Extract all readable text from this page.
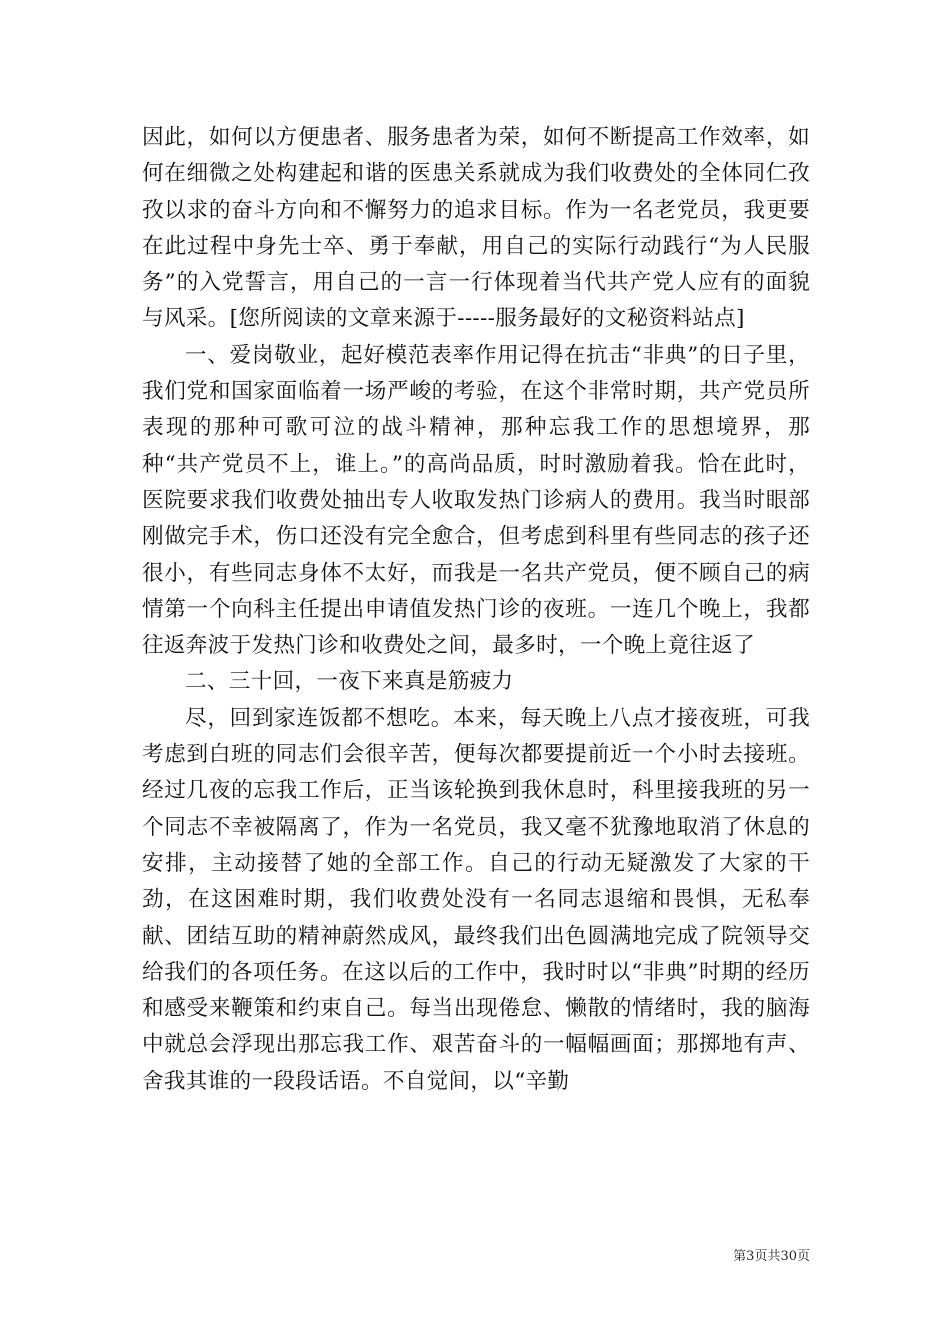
因此，如何以方便患者、服务患者为荣，如何不断提高工作效率，如何在细微之处构建起和谐的医患关系就成为我们收费处的全体同仁孜孜以求的奋斗方向和不懈努力的追求目标。作为一名老党员，我更要在此过程中身先士卒、勇于奉献，用自己的实际行动践行“为人民服务”的入党誓言，用自己的一言一行体现着当代共产党人应有的面貌与风采。[您所阅读的文章来源于-----服务最好的文秘资料站点]

一、爱岗敬业，起好模范表率作用记得在抗击“非典”的日子里，我们党和国家面临着一场严峻的考验，在这个非常时期，共产党员所表现的那种可歌可泣的战斗精神，那种忘我工作的思想境界，那种“共产党员不上，谁上。”的高尚品质，时时激励着我。恰在此时，医院要求我们收费处抽出专人收取发热门诊病人的费用。我当时眼部刚做完手术，伤口还没有完全愈合，但考虑到科里有些同志的孩子还很小，有些同志身体不太好，而我是一名共产党员，便不顾自己的病情第一个向科主任提出申请值发热门诊的夜班。一连几个晚上，我都往返奔波于发热门诊和收费处之间，最多时，一个晚上竟往返了

二、三十回，一夜下来真是筋疲力

尽，回到家连饭都不想吃。本来，每天晚上八点才接夜班，可我考虑到白班的同志们会很辛苦，便每次都要提前近一个小时去接班。经过几夜的忘我工作后，正当该轮换到我休息时，科里接我班的另一个同志不幸被隔离了，作为一名党员，我又毫不犹豫地取消了休息的安排，主动接替了她的全部工作。自己的行动无疑激发了大家的干劲，在这困难时期，我们收费处没有一名同志退缩和畏惧，无私奉献、团结互助的精神蔚然成风，最终我们出色圆满地完成了院领导交给我们的各项任务。在这以后的工作中，我时时以“非典”时期的经历和感受来鞭策和约束自己。每当出现倦怠、懒散的情绪时，我的脑海中就总会浮现出那忘我工作、艰苦奋斗的一幅幅画面；那掷地有声、舍我其谁的一段段话语。不自觉间，以“辛勤

第3页共30页
